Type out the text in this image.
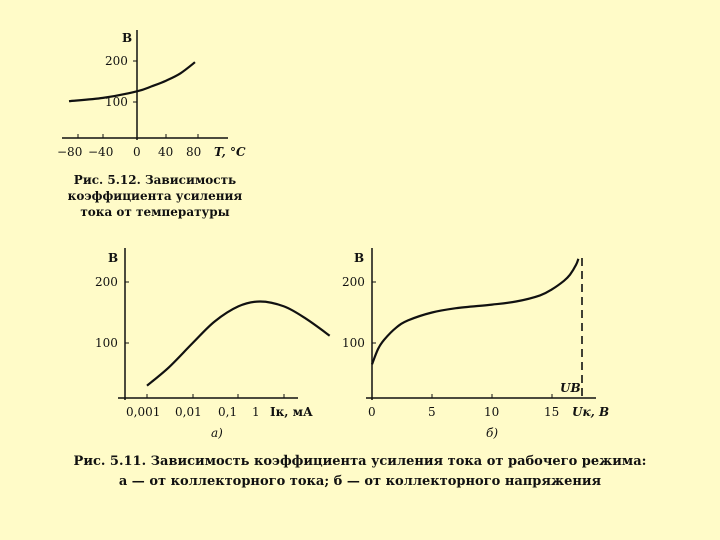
B
200
100
−80 −40 0 40 80 T, °C
B
200
100
0,001 0,01 0,1 1 Iк, мА
а)
B
200
100
0	5	10	15 Uк, В
UB
б)
Рис. 5.12. Зависимость
коэффициента усиления
тока от температуры
Рис. 5.11. Зависимость коэффициента усиления тока от рабочего режима:
а — от коллекторного тока; б — от коллекторного напряжения
